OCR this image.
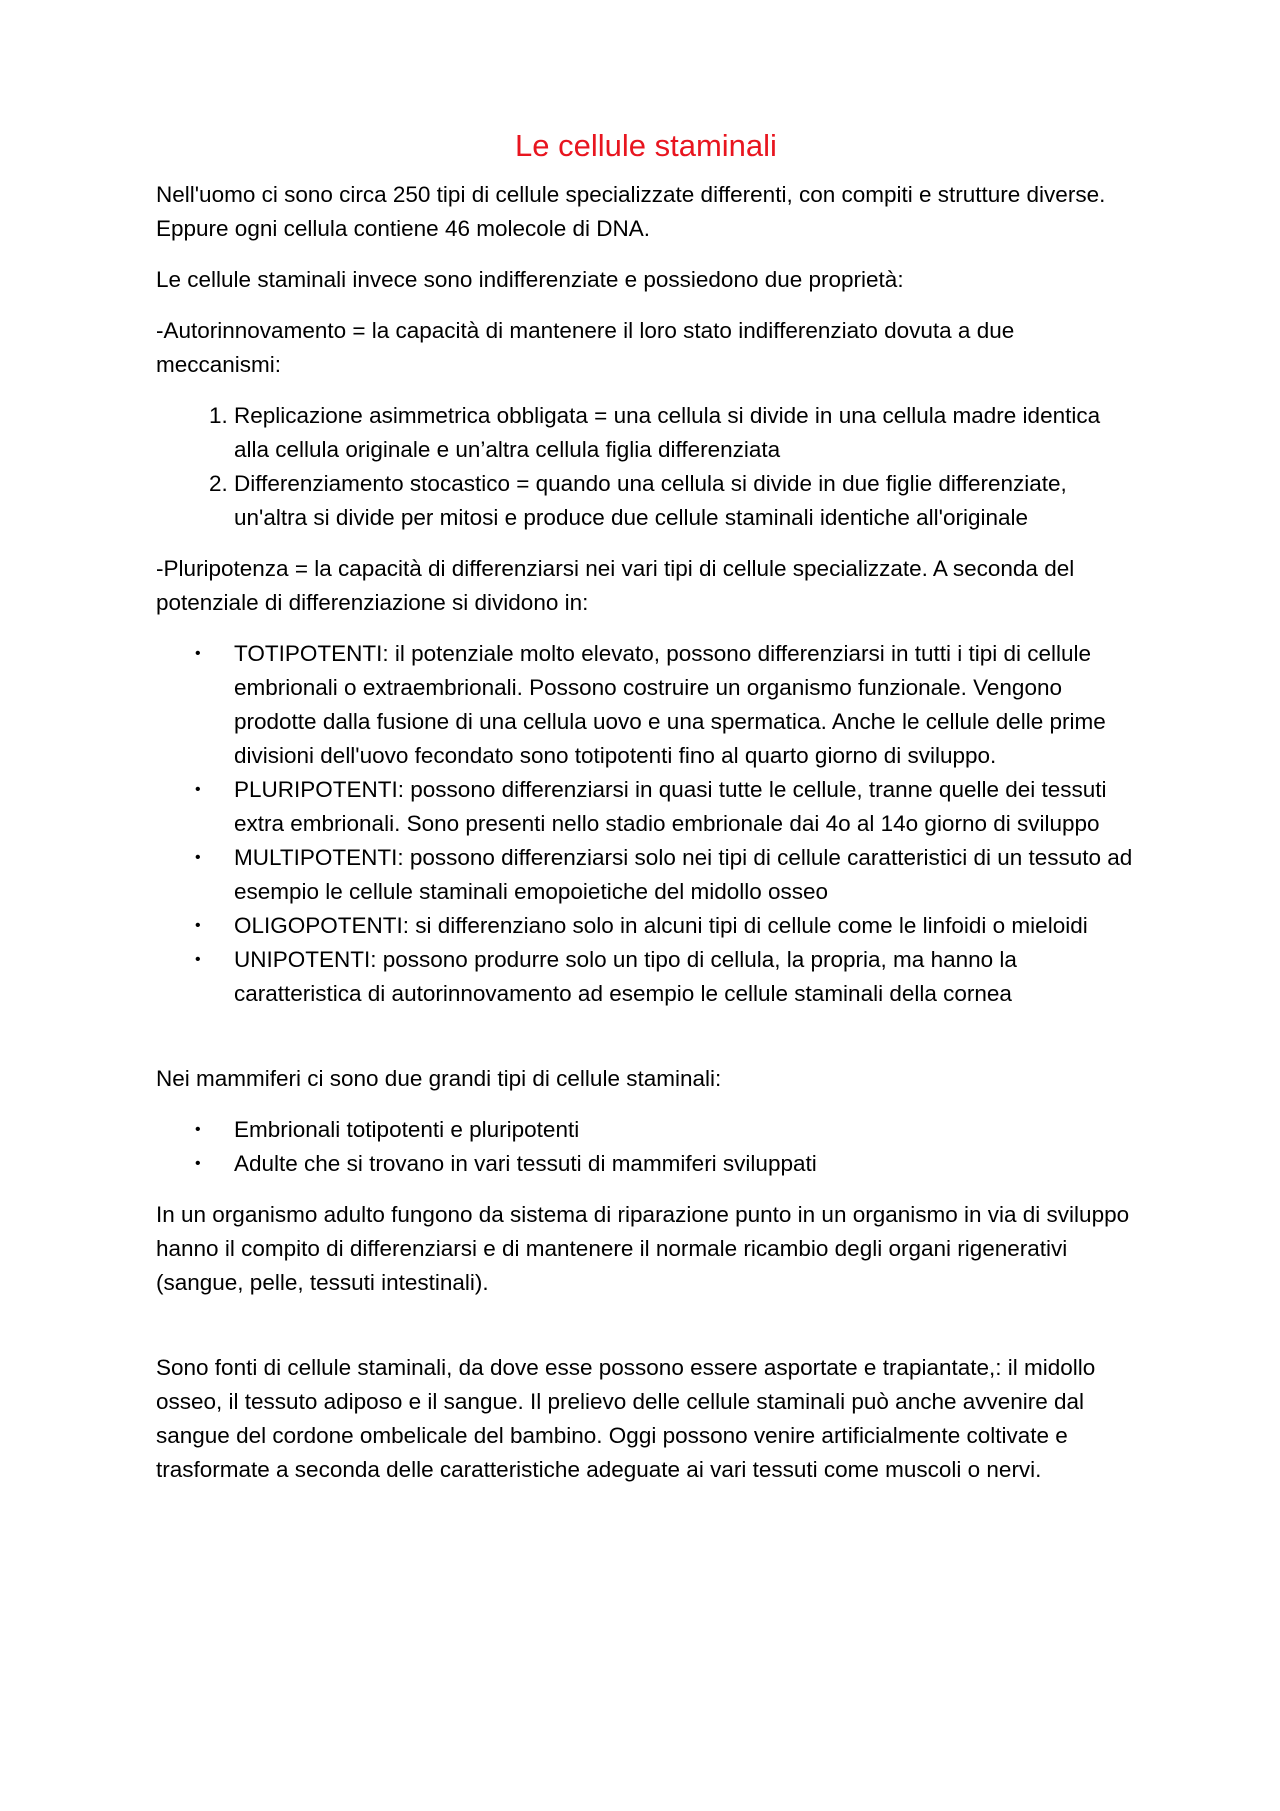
Le cellule staminali

Nell'uomo ci sono circa 250 tipi di cellule specializzate differenti, con compiti e strutture diverse. Eppure ogni cellula contiene 46 molecole di DNA.

Le cellule staminali invece sono indifferenziate e possiedono due proprietà:

-Autorinnovamento = la capacità di mantenere il loro stato indifferenziato dovuta a due meccanismi:

1. Replicazione asimmetrica obbligata = una cellula si divide in una cellula madre identica alla cellula originale e un’altra cellula figlia differenziata
2. Differenziamento stocastico = quando una cellula si divide in due figlie differenziate, un'altra si divide per mitosi e produce due cellule staminali identiche all'originale

-Pluripotenza = la capacità di differenziarsi nei vari tipi di cellule specializzate. A seconda del potenziale di differenziazione si dividono in:

• TOTIPOTENTI: il potenziale molto elevato, possono differenziarsi in tutti i tipi di cellule embrionali o extraembrionali. Possono costruire un organismo funzionale. Vengono prodotte dalla fusione di una cellula uovo e una spermatica. Anche le cellule delle prime divisioni dell'uovo fecondato sono totipotenti fino al quarto giorno di sviluppo.
• PLURIPOTENTI: possono differenziarsi in quasi tutte le cellule, tranne quelle dei tessuti extra embrionali. Sono presenti nello stadio embrionale dai 4o al 14o giorno di sviluppo
• MULTIPOTENTI: possono differenziarsi solo nei tipi di cellule caratteristici di un tessuto ad esempio le cellule staminali emopoietiche del midollo osseo
• OLIGOPOTENTI: si differenziano solo in alcuni tipi di cellule come le linfoidi o mieloidi
• UNIPOTENTI: possono produrre solo un tipo di cellula, la propria, ma hanno la caratteristica di autorinnovamento ad esempio le cellule staminali della cornea

Nei mammiferi ci sono due grandi tipi di cellule staminali:

• Embrionali totipotenti e pluripotenti
• Adulte che si trovano in vari tessuti di mammiferi sviluppati

In un organismo adulto fungono da sistema di riparazione punto in un organismo in via di sviluppo hanno il compito di differenziarsi e di mantenere il normale ricambio degli organi rigenerativi (sangue, pelle, tessuti intestinali).

Sono fonti di cellule staminali, da dove esse possono essere asportate e trapiantate,: il midollo osseo, il tessuto adiposo e il sangue. Il prelievo delle cellule staminali può anche avvenire dal sangue del cordone ombelicale del bambino. Oggi possono venire artificialmente coltivate e trasformate a seconda delle caratteristiche adeguate ai vari tessuti come muscoli o nervi.
